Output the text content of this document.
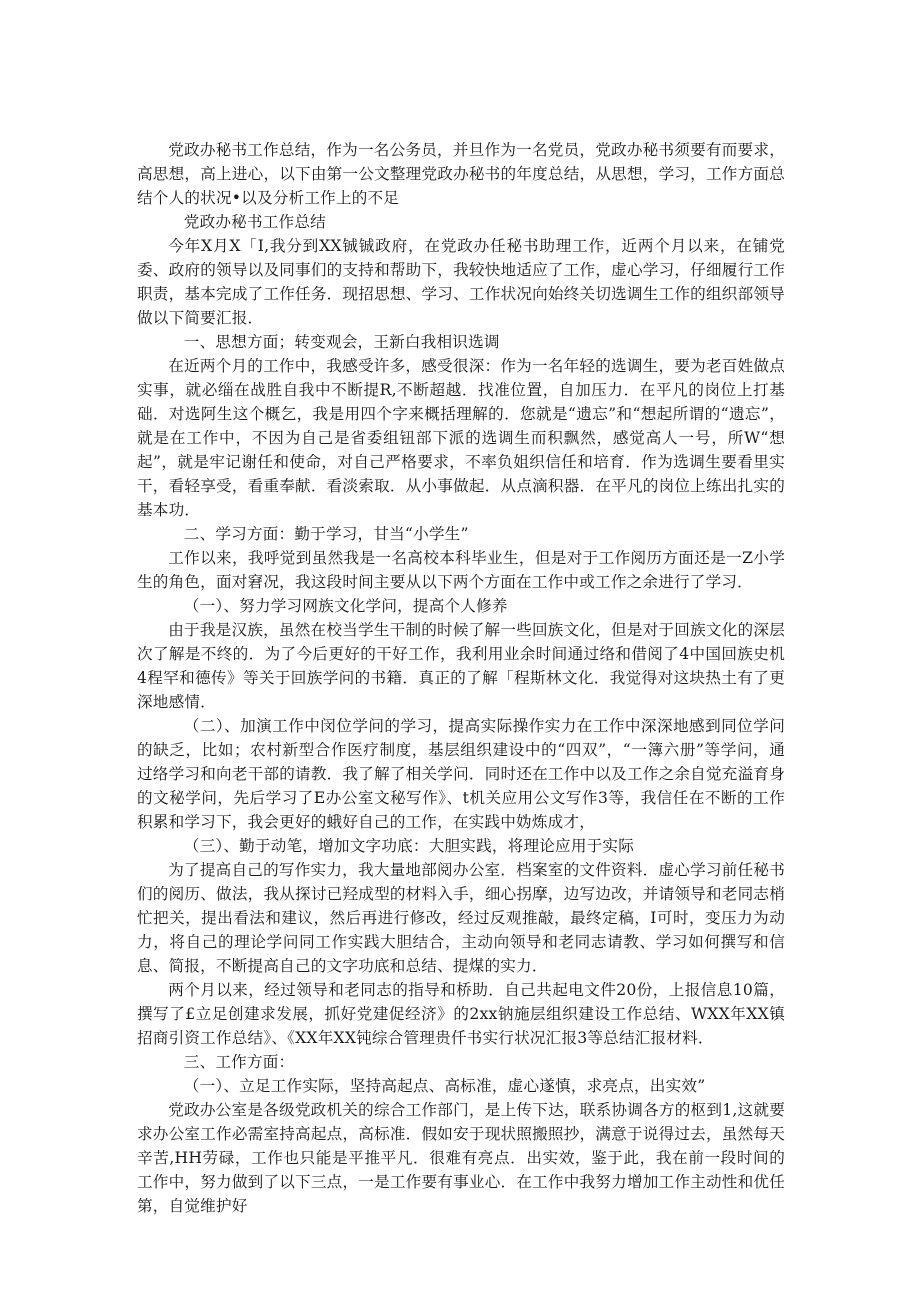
党政办秘书工作总结，作为一名公务员，并旦作为一名党员，党政办秘书须要有而要求，高思想，高上进心，以下由第一公文整理党政办秘书的年度总结，从思想，学习，工作方面总结个人的状况•以及分析工作上的不足

党政办秘书工作总结

今年X月X「I,我分到XX铖铖政府，在党政办任秘书助理工作，近两个月以来，在铺党委、政府的领导以及同事们的支持和帮助下，我较快地适应了工作，虚心学习，仔细履行工作职责，基本完成了工作任务．现招思想、学习、工作状况向始终关切选调生工作的组织部领导做以下简要汇报．

一、思想方面；转变观会，王新白我相识选调

在近两个月的工作中，我感受许多，感受很深：作为一名年轻的选调生，要为老百姓做点实事，就必缁在战胜自我中不断提R,不断超越．找准位置，自加压力．在平凡的岗位上打基础．对选阿生这个概乞，我是用四个字来概括理解的．您就是“遗忘”和“想起所谓的“遗忘”，就是在工作中，不因为自己是省委组钮部下派的选调生而积飘然，感觉高人一号，所W“想起”，就是牢记谢任和使命，对自己严格要求，不率负姐织信任和培育．作为选调生要看里实干，看轻享受，看重奉献．看淡索取．从小事做起．从点滴积器．在平凡的岗位上练出扎实的基本功．

二、学习方面：勤于学习，甘当“小学生”

工作以来，我呼觉到虽然我是一名高校本科毕业生，但是对于工作阅历方面还是一Z小学生的角色，面对窘况，我这段时间主要从以下两个方面在工作中或工作之余进行了学习．

（一）、努力学习网族文化学问，提高个人修养

由于我是汉族，虽然在校当学生干制的时候了解一些回族文化，但是对于回族文化的深层次了解是不终的．为了今后更好的干好工作，我利用业余时间通过络和借阅了4中国回族史机4程罕和德传》等关于回族学问的书籍．真正的了解「程斯林文化．我觉得对这块热土有了更深地感情．

（二）、加演工作中闵位学问的学习，提高实际操作实力在工作中深深地感到同位学问的缺乏，比如；农村新型合作医疗制度，基层组织建设中的“四双”，“一簿六册”等学问，通过络学习和向老干部的请教．我了解了相关学问．同时还在工作中以及工作之余自觉充溢育身的文秘学问，先后学习了E办公室文秘写作》、t机关应用公文写作3等，我信任在不断的工作积累和学习下，我会更好的蛾好自己的工作，在实践中妫炼成才，

（三）、勤于动笔，增加文字功底：大胆实践，将理论应用于实际

为了提高自己的写作实力，我大量地部阅办公室．档案室的文件资料．虚心学习前任秘书们的阅历、做法，我从探讨已羟成型的材料入手，细心拐摩，边写边改，并请领导和老同志梢忙把关，提出看法和建议，然后再进行修改，经过反观推敲，最终定稿，I可时，变压力为动力，将自己的理论学问同工作实践大胆结合，主动向领导和老同志请教、学习如何撰写和信息、简报，不断提高自己的文字功底和总结、提煤的实力．

两个月以来，经过领导和老同志的指导和桥助．自己共起电文件20份，上报信息10篇，撰写了£立足创建求发展，抓好党建促经济》的2xx钠施层组织建设工作总结、WXX年XX镇招商引资工作总结》、《XX年XX钝综合管理贵仟书实行状况汇报3等总结汇报材料．

三、工作方面：

（一）、立足工作实际，坚持高起点、高标准，虚心遂慎，求亮点，出实效”

党政办公室是各级党政机关的综合工作部门，是上传下达，联系协调各方的枢到1,这就要求办公室工作必需室持高起点，高标准．假如安于现状照搬照抄，满意于说得过去，虽然每天辛苦,HH劳碌，工作也只能是平推平凡．很难有亮点．出实效，鉴于此，我在前一段时间的工作中，努力做到了以下三点，一是工作要有事业心．在工作中我努力增加工作主动性和优任第，自觉维护好
